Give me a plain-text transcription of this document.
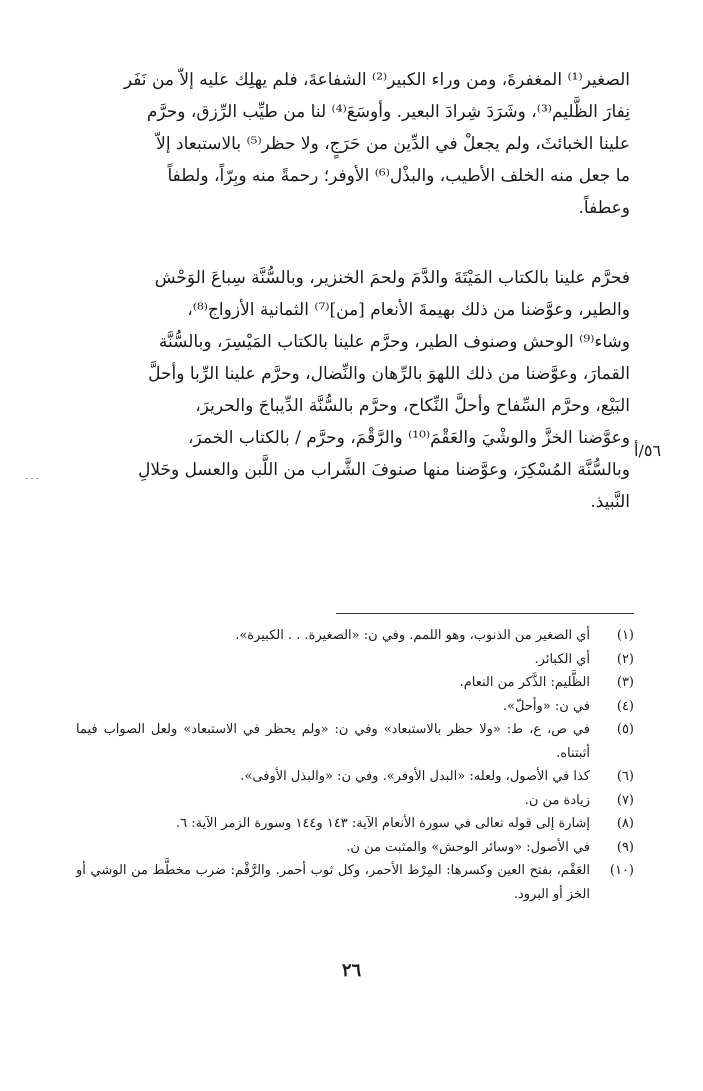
الصغير⁽¹⁾ المغفرةَ، ومن وراء الكبير⁽²⁾ الشفاعةَ، فلم يهلِك عليه إلاّ من نَفَر
نِفارَ الظَّليم⁽³⁾، وشَرَدَ شِرادَ البعير. وأوسَعَ⁽⁴⁾ لنا من طيِّب الرِّزق، وحرَّم
علينا الخبائثَ، ولم يجعلْ في الدِّين من حَرَجٍ، ولا حظر⁽⁵⁾ بالاستبعاد إلاّ
ما جعل منه الخلف الأطيب، والبذْل⁽⁶⁾ الأوفر؛ رحمةً منه وبِرّاً، ولطفاً
وعطفاً.
فحرَّم علينا بالكتاب المَيْتَةَ والدَّمَ ولحمَ الخنزير، وبالسُّنَّة سِباعَ الوَحْش
والطير، وعوَّضنا من ذلك بهيمةَ الأنعام [من]⁽⁷⁾ الثمانية الأزواج⁽⁸⁾،
وشاء⁽⁹⁾ الوحش وصنوف الطير، وحرَّم علينا بالكتاب المَيْسِرَ، وبالسُّنَّة
القمارَ، وعوَّضنا من ذلك اللهوَ بالرِّهان والنِّضال، وحرَّم علينا الرِّبا وأحلَّ
البَيْع، وحرَّم السِّفاح وأحلَّ النِّكاح، وحرَّم بالسُّنَّة الدِّيباجَ والحريرَ،
وعوَّضنا الخزَّ والوشْيَ والعَقْمَ⁽¹⁰⁾ والرَّقْمَ، وحرَّم / بالكتاب الخمرَ،
وبالسُّنَّة المُسْكِرَ، وعوَّضنا منها صنوفَ الشَّراب من اللَّبن والعسل وحَلالِ
النَّبيذ.
٥٦/أ
(١)
أي الصغير من الذنوب، وهو اللمم. وفي ن: «الصغيرة. . . الكبيرة».
(٢)
أي الكبائر.
(٣)
الظَّليم: الذَّكر من النعام.
(٤)
في ن: «وأحلّ».
(٥)
في ص، ع، ط: «ولا حظر بالاستبعاد» وفي ن: «ولم يحظر في الاستبعاد» ولعل الصواب فيما أثبتناه.
(٦)
كذا في الأصول، ولعله: «البدل الأوفر». وفي ن: «والبذل الأوفى».
(٧)
زيادة من ن.
(٨)
إشارة إلى قوله تعالى في سورة الأنعام الآية: ١٤٣ و١٤٤ وسورة الزمر الآية: ٦.
(٩)
في الأصول: «وسائر الوحش» والمثبت من ن.
(١٠)
العَقْم، بفتح العين وكسرها: المِرْط الأحمر، وكل ثوب أحمر. والرَّقْم: ضرب مخطَّط من الوشي أو الخز أو البرود.
٢٦
